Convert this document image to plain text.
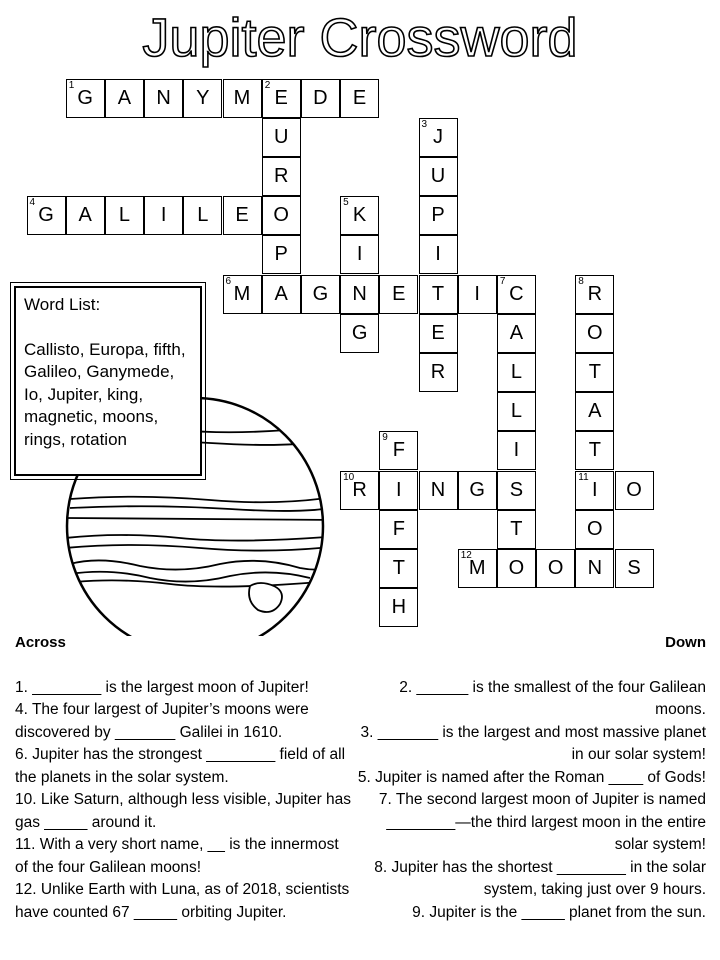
Jupiter Crossword
1
G A N Y M
2
E D E
4
G A L I L E O
6
M A G N E T I
7
C
10
R I N G S
11
I O
12
M O O N S
U
R
P
3
J
U
P
I
E
R
5
K
I
G	A
L
L
I
T
8
R
O
T
A
T
O
9
F
F
T
H
Word List:
Callisto, Europa, fifth, Galileo, Ganymede, Io, Jupiter, king, magnetic, moons, rings, rotation
Across
1. ________ is the largest moon of Jupiter!
4. The four largest of Jupiter’s moons were discovered by _______ Galilei in 1610.
6. Jupiter has the strongest ________ field of all the planets in the solar system.
10. Like Saturn, although less visible, Jupiter has gas _____ around it.
11. With a very short name, __ is the innermost of the four Galilean moons!
12. Unlike Earth with Luna, as of 2018, scientists have counted 67 _____ orbiting Jupiter.
Down
2. ______ is the smallest of the four Galilean moons.
3. _______ is the largest and most massive planet in our solar system!
5. Jupiter is named after the Roman ____ of Gods!
7. The second largest moon of Jupiter is named ________—the third largest moon in the entire solar system!
8. Jupiter has the shortest ________ in the solar system, taking just over 9 hours.
9. Jupiter is the _____ planet from the sun.
